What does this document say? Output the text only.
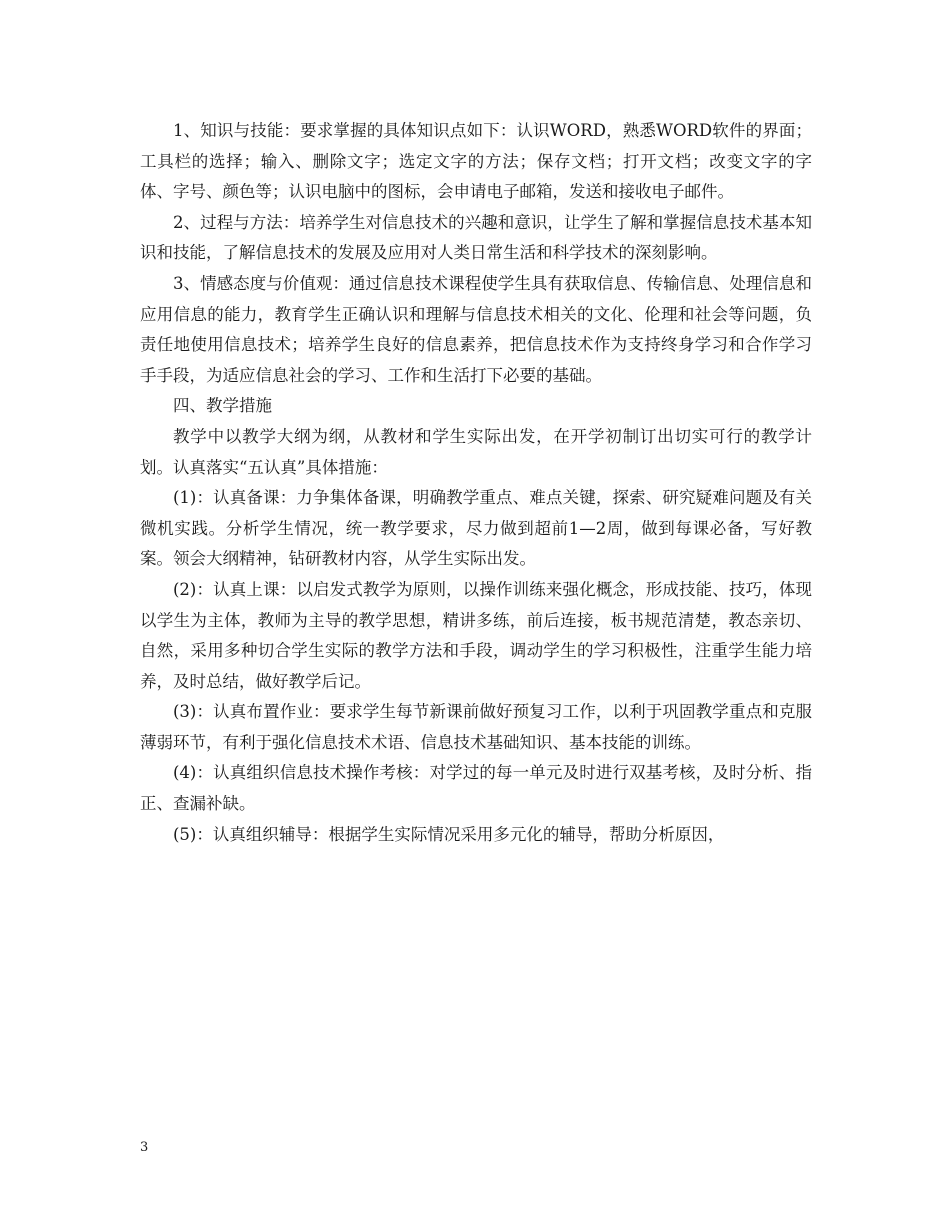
1、知识与技能：要求掌握的具体知识点如下：认识WORD，熟悉WORD软件的界面；工具栏的选择；输入、删除文字；选定文字的方法；保存文档；打开文档；改变文字的字体、字号、颜色等；认识电脑中的图标，会申请电子邮箱，发送和接收电子邮件。

2、过程与方法：培养学生对信息技术的兴趣和意识，让学生了解和掌握信息技术基本知识和技能，了解信息技术的发展及应用对人类日常生活和科学技术的深刻影响。

3、情感态度与价值观：通过信息技术课程使学生具有获取信息、传输信息、处理信息和应用信息的能力，教育学生正确认识和理解与信息技术相关的文化、伦理和社会等问题，负责任地使用信息技术；培养学生良好的信息素养，把信息技术作为支持终身学习和合作学习手手段，为适应信息社会的学习、工作和生活打下必要的基础。

四、教学措施

教学中以教学大纲为纲，从教材和学生实际出发，在开学初制订出切实可行的教学计划。认真落实“五认真”具体措施：

(1)：认真备课：力争集体备课，明确教学重点、难点关键，探索、研究疑难问题及有关微机实践。分析学生情况，统一教学要求，尽力做到超前1—2周，做到每课必备，写好教案。领会大纲精神，钻研教材内容，从学生实际出发。

(2)：认真上课：以启发式教学为原则，以操作训练来强化概念，形成技能、技巧，体现以学生为主体，教师为主导的教学思想，精讲多练，前后连接，板书规范清楚，教态亲切、自然，采用多种切合学生实际的教学方法和手段，调动学生的学习积极性，注重学生能力培养，及时总结，做好教学后记。

(3)：认真布置作业：要求学生每节新课前做好预复习工作，以利于巩固教学重点和克服薄弱环节，有利于强化信息技术术语、信息技术基础知识、基本技能的训练。

(4)：认真组织信息技术操作考核：对学过的每一单元及时进行双基考核，及时分析、指正、查漏补缺。

(5)：认真组织辅导：根据学生实际情况采用多元化的辅导，帮助分析原因，

3
